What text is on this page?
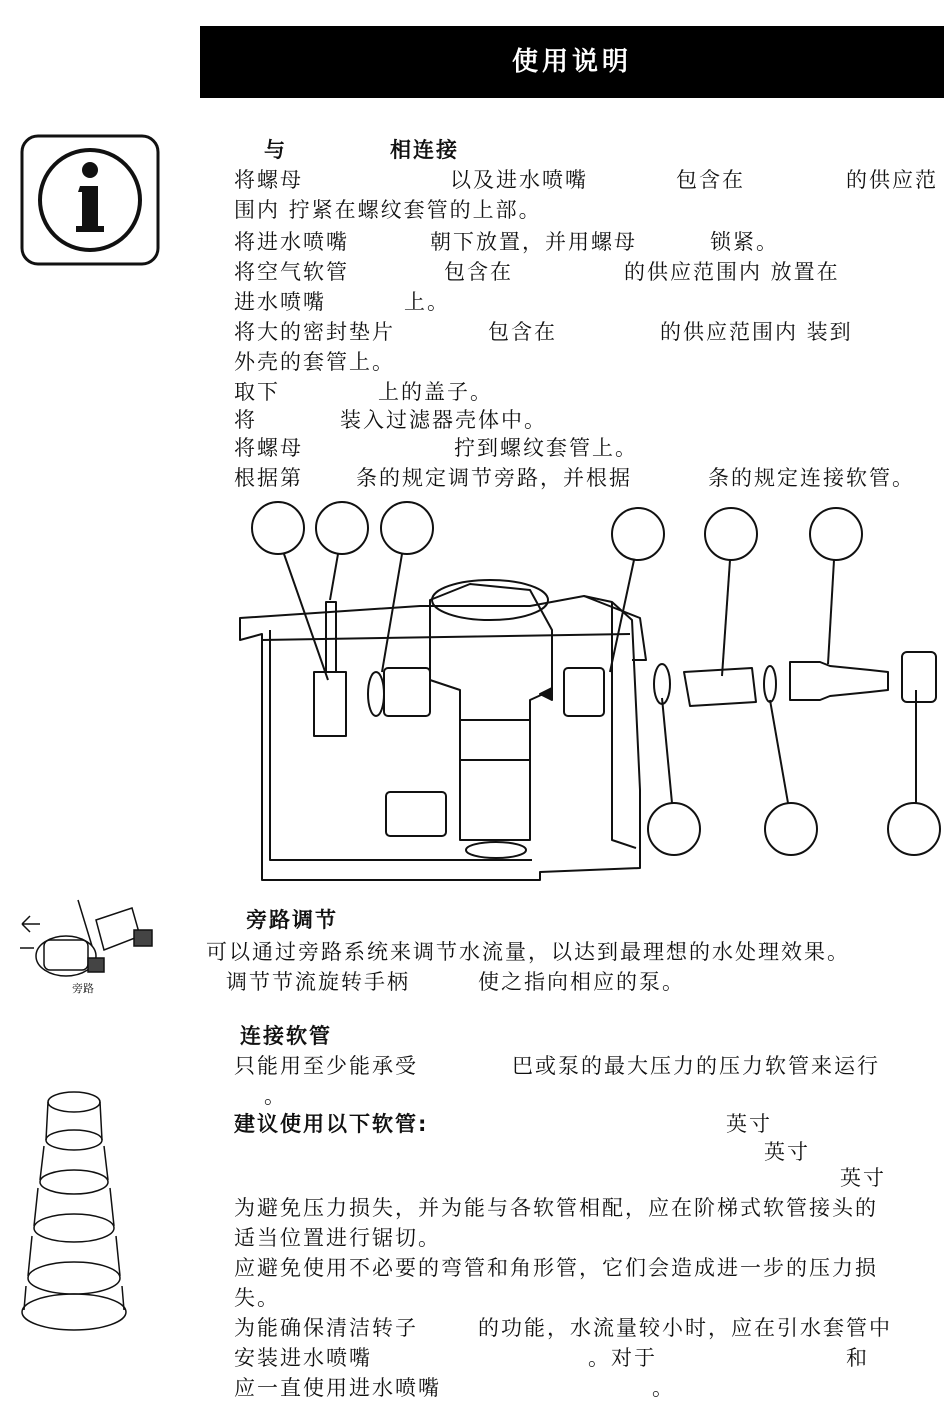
使用说明
与	相连接
将螺母	以及进水喷嘴	包含在	的供应范
围内 拧紧在螺纹套管的上部。
将进水喷嘴	朝下放置，并用螺母	锁紧。
将空气软管	包含在	的供应范围内 放置在
进水喷嘴	上。
将大的密封垫片	包含在	的供应范围内 装到
外壳的套管上。
取下	上的盖子。
将	装入过滤器壳体中。
将螺母	拧到螺纹套管上。
根据第	条的规定调节旁路，并根据	条的规定连接软管。
旁路
旁路调节
可以通过旁路系统来调节水流量，以达到最理想的水处理效果。
调节节流旋转手柄	使之指向相应的泵。
连接软管
只能用至少能承受	巴或泵的最大压力的压力软管来运行
。
建议使用以下软管:	英寸
英寸
英寸
为避免压力损失，并为能与各软管相配，应在阶梯式软管接头的
适当位置进行锯切。
应避免使用不必要的弯管和角形管，它们会造成进一步的压力损
失。
为能确保清洁转子	的功能，水流量较小时，应在引水套管中
安装进水喷嘴	。对于	和
应一直使用进水喷嘴	。
